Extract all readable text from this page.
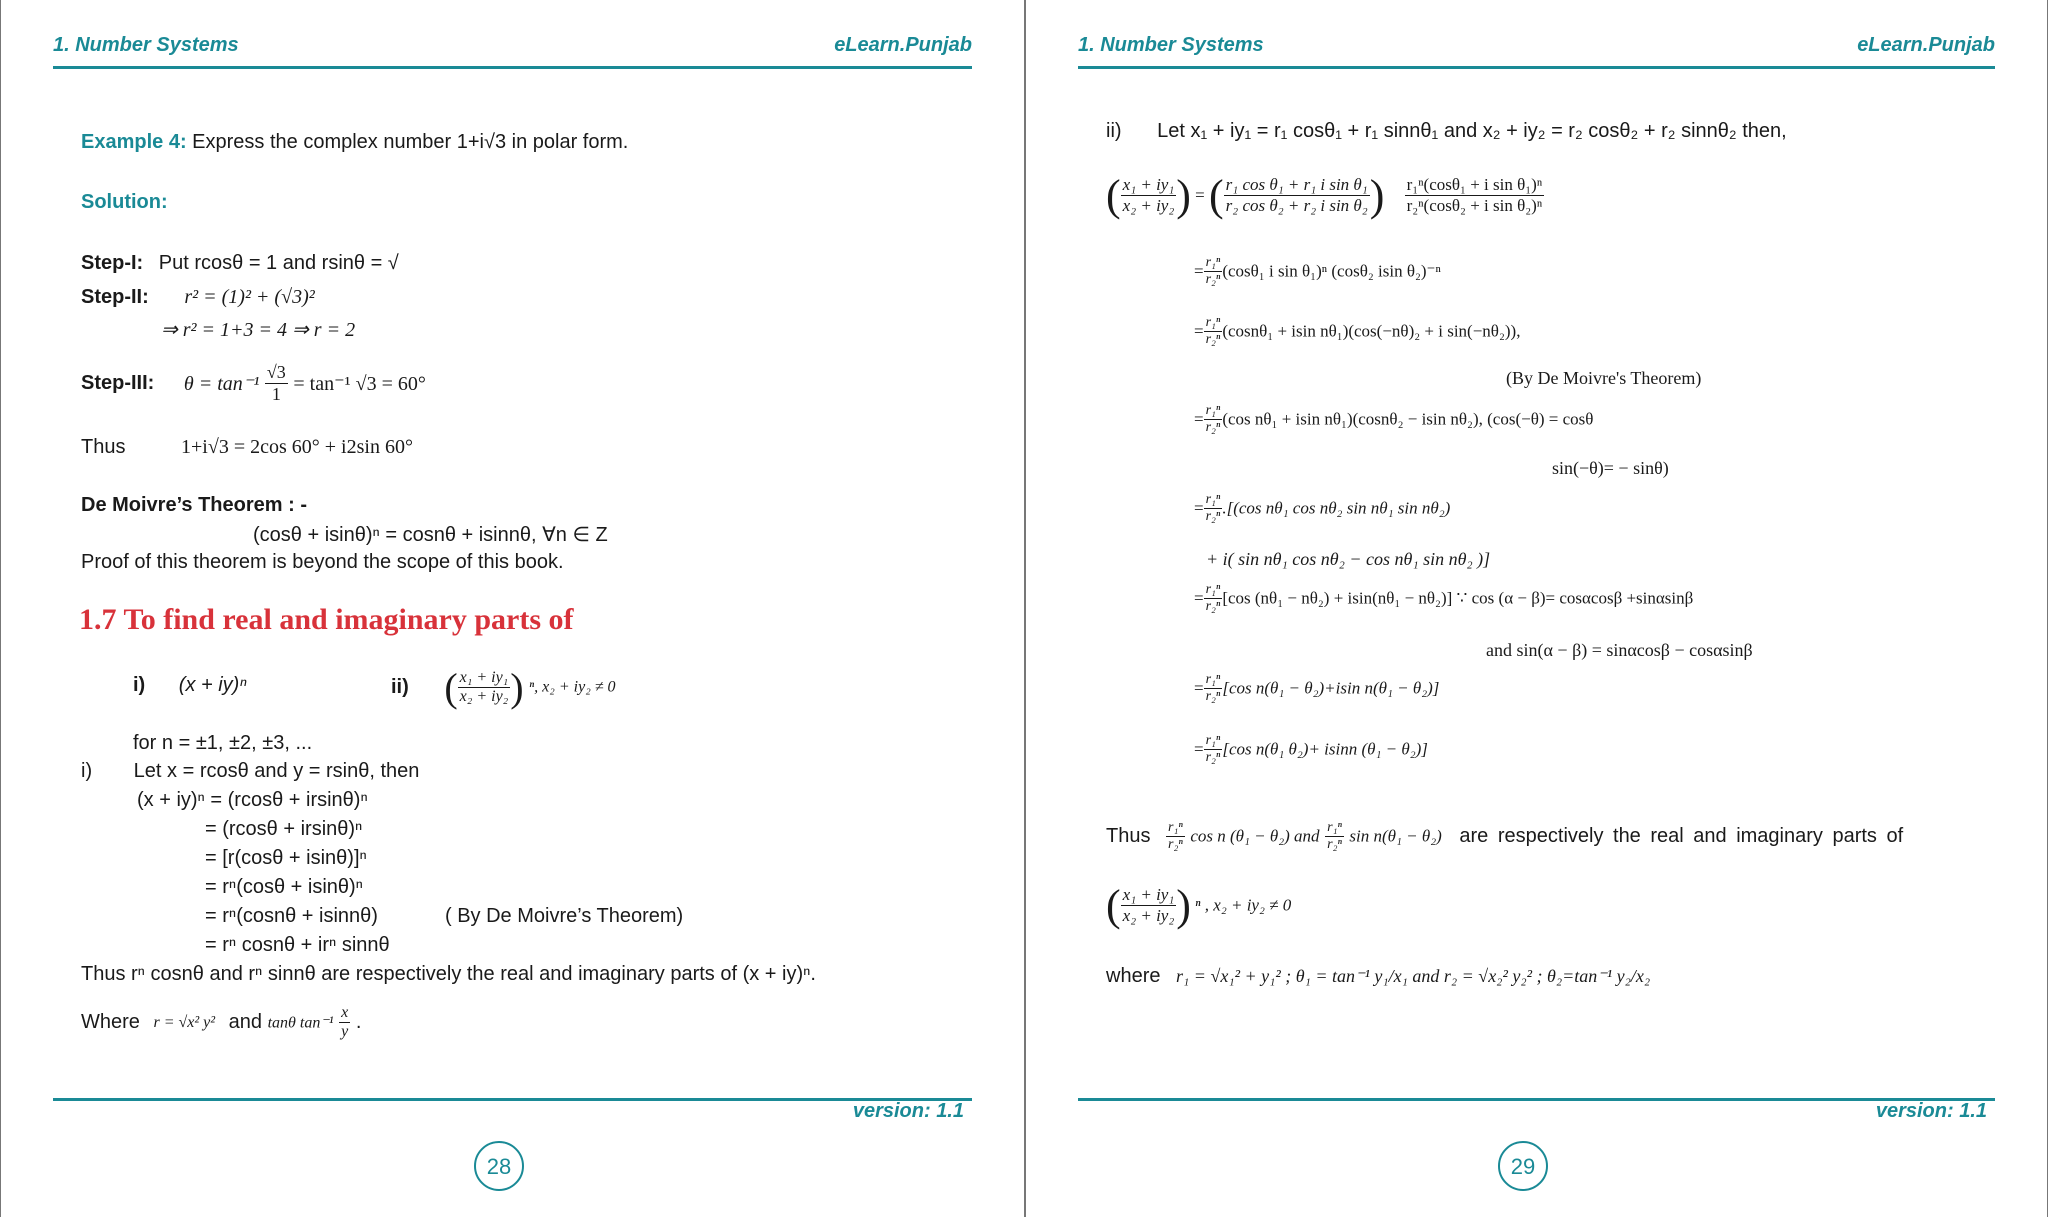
1. Number Systems	eLearn.Punjab
Example 4: Express the complex number 1+i√3 in polar form.
Solution:
Step-I: Put rcosθ = 1 and rsinθ = √
Step-II: r² = (1)² + (√3)²
⇒ r² = 1+3 = 4 ⇒ r = 2
Step-III: $\theta = \tan^{-1} \frac{√3}{1} = \tan^{-1}$ √3 = 60°
Thus	1+i√3 = 2cos 60° + i2sin 60°
De Moivre’s Theorem : -
(cosθ + isinθ)ⁿ = cosnθ + isinnθ, ∀n ∈ Z
Proof of this theorem is beyond the scope of this book.
1.7 To find real and imaginary parts of
i) (x + iy)ⁿ	ii) ( $\frac{\text{x₁ + iy₁}}{\text{x₂ + iy₂}}$ ) ⁿ, x₂ + iy₂ ≠ 0
for n = ±1, ±2, ±3, ...
i) Let x = rcosθ and y = rsinθ, then
(x + iy)ⁿ = (rcosθ + irsinθ)ⁿ
= (rcosθ + irsinθ)ⁿ
= [r(cosθ + isinθ)]ⁿ
= rⁿ(cosθ + isinθ)ⁿ
= rⁿ(cosnθ + isinnθ)	( By De Moivre’s Theorem)
= rⁿ cosnθ + irⁿ sinnθ
Thus rⁿ cosnθ and rⁿ sinnθ are respectively the real and imaginary parts of (x + iy)ⁿ.
Where r = √x² y² and tanθ $\tan^{-1} \frac{x}{y}$ .
version: 1.1
28
1. Number Systems	eLearn.Punjab
ii) Let x₁ + iy₁ = r₁ cosθ₁ + r₁ sinnθ₁ and x₂ + iy₂ = r₂ cosθ₂ + r₂ sinnθ₂ then,
( $\frac{\text{x₁ + iy₁}}{\text{x₂ + iy₂}}$ ) = ( $\frac{\text{r₁ cos θ₁ + r₁ i sin θ₁}}{\text{r₂ cos θ₂ + r₂ i sin θ₂}}$ ) $\frac{\text{r₁ⁿ(cosθ₁ + i sin θ₁)ⁿ}}{\text{r₂ⁿ(cosθ₂ + i sin θ₂)ⁿ}}$
= $\frac{\text{r₁ⁿ}}{\text{r₂ⁿ}} (\cos\theta_1$ i sin θ₁)ⁿ (cosθ₂ isin θ₂)⁻ⁿ
= $\frac{\text{r₁ⁿ}}{\text{r₂ⁿ}} (\cos n\theta_1 + isin$ nθ₁)(cos(−nθ)₂ + i sin(−nθ₂)),
(By De Moivre's Theorem)
= $\frac{\text{r₁ⁿ}}{\text{r₂ⁿ}} (\cos$ nθ₁ + isin nθ₁)(cosnθ₂ − isin nθ₂), (cos(−θ) = cosθ
sin(−θ)= − sinθ)
= $\frac{\text{r₁ⁿ}}{\text{r₂ⁿ}} .[(\cos$ nθ₁ cos nθ₂ sin nθ₁ sin nθ₂)
+ i( sin nθ₁ cos nθ₂ − cos nθ₁ sin nθ₂ )]
= $\frac{\text{r₁ⁿ}}{\text{r₂ⁿ}} [\cos$ (nθ₁ − nθ₂) + isin(nθ₁ − nθ₂)] ∵ cos (α − β)= cosαcosβ +sinαsinβ
and sin(α − β) = sinαcosβ − cosαsinβ
= $\frac{\text{r₁ⁿ}}{\text{r₂ⁿ}} [\cos$ n(θ₁ − θ₂)+isin n(θ₁ − θ₂)]
= $\frac{\text{r₁ⁿ}}{\text{r₂ⁿ}} [\cos$ n(θ₁ θ₂)+ isinn (θ₁ − θ₂)]
Thus $\frac{\text{r₁ⁿ}}{\text{r₂ⁿ}}$ cos n (θ₁ − θ₂) and $\frac{\text{r₁ⁿ}}{\text{r₂ⁿ}}$ sin n(θ₁ − θ₂) are respectively the real and imaginary parts of
( $\frac{\text{x₁ + iy₁}}{\text{x₂ + iy₂}}$ ) ⁿ , x₂ + iy₂ ≠ 0
where r₁ = √x₁² + y₁² ; θ₁ = tan⁻¹ y₁/x₁ and r₂ = √x₂² y₂² ; θ₂=tan⁻¹ y₂/x₂
version: 1.1
29
